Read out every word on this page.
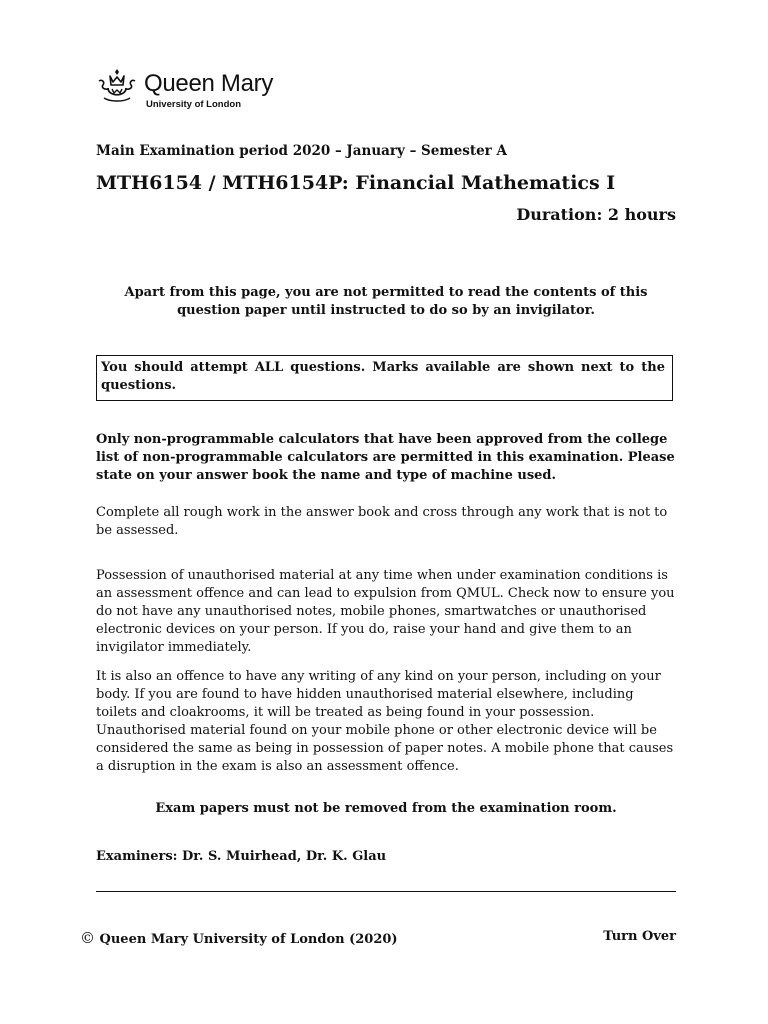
Queen Mary
University of London
Main Examination period 2020 – January – Semester A
MTH6154 / MTH6154P: Financial Mathematics I
Duration: 2 hours
Apart from this page, you are not permitted to read the contents of this question paper until instructed to do so by an invigilator.
You should attempt ALL questions. Marks available are shown next to the questions.
Only non-programmable calculators that have been approved from the college list of non-programmable calculators are permitted in this examination. Please state on your answer book the name and type of machine used.
Complete all rough work in the answer book and cross through any work that is not to be assessed.
Possession of unauthorised material at any time when under examination conditions is an assessment offence and can lead to expulsion from QMUL. Check now to ensure you do not have any unauthorised notes, mobile phones, smartwatches or unauthorised electronic devices on your person. If you do, raise your hand and give them to an invigilator immediately.
It is also an offence to have any writing of any kind on your person, including on your body. If you are found to have hidden unauthorised material elsewhere, including toilets and cloakrooms, it will be treated as being found in your possession. Unauthorised material found on your mobile phone or other electronic device will be considered the same as being in possession of paper notes. A mobile phone that causes a disruption in the exam is also an assessment offence.
Exam papers must not be removed from the examination room.
Examiners: Dr. S. Muirhead, Dr. K. Glau
© Queen Mary University of London (2020)	Turn Over
